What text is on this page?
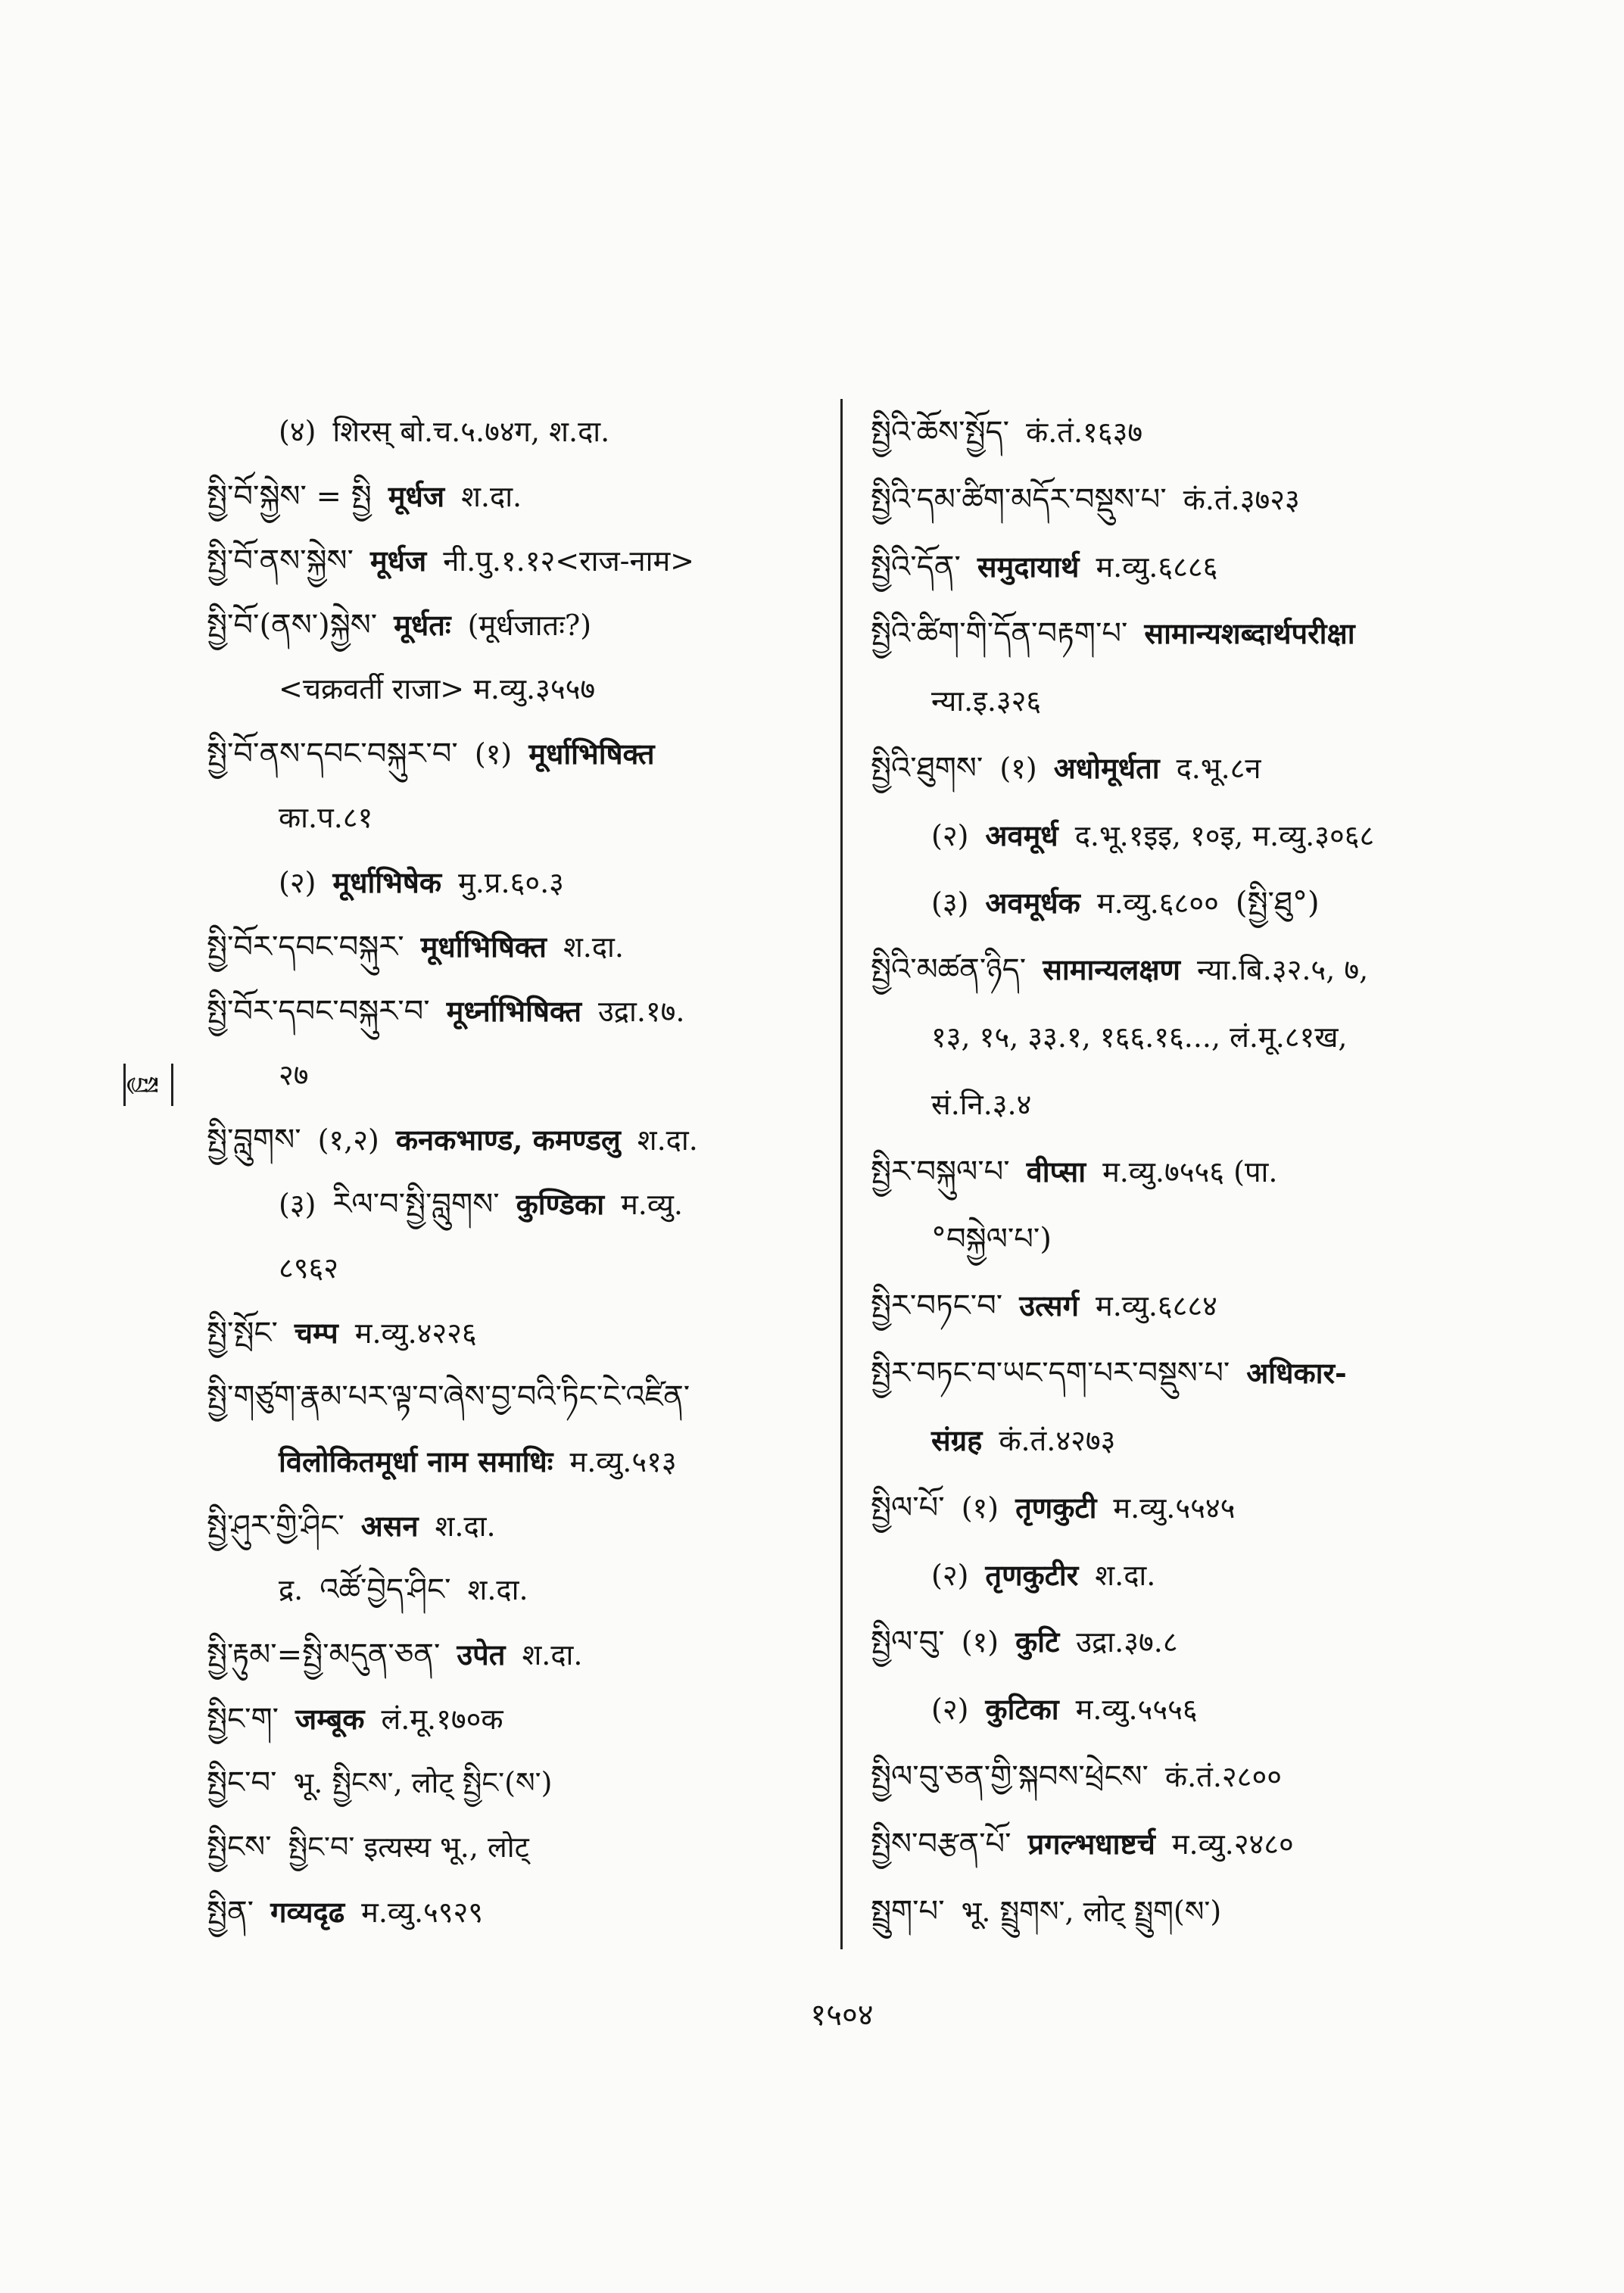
སྤྱ
(४) शिरस् बो.च.५.७४ग, श.दा.
སྤྱི་བོ་སྐྱེས་ = སྤྱི मूर्धज श.दा.
སྤྱི་བོ་ནས་སྐྱེས་ मूर्धज नी.पु.१.१२<राज-नाम>
སྤྱི་བོ་(ནས་)སྐྱེས་ मूर्धतः (मूर्धजातः?)
<चक्रवर्ती राजा> म.व्यु.३५५७
སྤྱི་བོ་ནས་དབང་བསྐུར་བ་ (१) मूर्धाभिषिक्त
का.प.८१
(२) मूर्धाभिषेक मु.प्र.६०.३
སྤྱི་བོར་དབང་བསྐུར་ मूर्धाभिषिक्त श.दा.
སྤྱི་བོར་དབང་བསྐུར་བ་ मूर्ध्नाभिषिक्त उद्रा.१७.
२७
སྤྱི་བླུགས་ (१,२) कनकभाण्ड, कमण्डलु श.दा.
(३) རིལ་བ་སྤྱི་བླུགས་ कुण्डिका म.व्यु.
८९६२
སྤྱི་སྤོང་ चम्प म.व्यु.४२२६
སྤྱི་གཙུག་རྣམ་པར་ལྟ་བ་ཞེས་བྱ་བའི་ཏིང་ངེ་འཛིན་
विलोकितमूर्धा नाम समाधिः म.व्यु.५१३
སྤྱི་ཤུར་གྱི་ཤིང་ असन श.दा.
द्र. འཚོ་བྱེད་ཤིང་ श.दा.
སྤྱི་རྟུམ་=སྤྱི་མདུན་ཅན་ उपेत श.दा.
སྤྱིང་ག་ जम्बूक लं.मू.१७०क
སྤྱིང་བ་ भू. སྤྱིངས་, लोट् སྤྱིང་(ས་)
སྤྱིངས་ སྤྱིང་བ་ इत्यस्य भू., लोट्
སྤྱིན་ गव्यदृढ म.व्यु.५९२९
སྤྱིའི་ཆོས་སྤྱོད་ कं.तं.१६३७
སྤྱིའི་དམ་ཚིག་མདོར་བསྡུས་པ་ कं.तं.३७२३
སྤྱིའི་དོན་ समुदायार्थ म.व्यु.६८८६
སྤྱིའི་ཚིག་གི་དོན་བརྟག་པ་ सामान्यशब्दार्थपरीक्षा
न्या.इ.३२६
སྤྱིའི་ཐུགས་ (१) अधोमूर्धता द.भू.८न
(२) अवमूर्ध द.भू.१इइ, १०इ, म.व्यु.३०६८
(३) अवमूर्धक म.व्यु.६८०० (སྤྱི་ཐུ°)
སྤྱིའི་མཚན་ཉིད་ सामान्यलक्षण न्या.बि.३२.५, ७,
१३, १५, ३३.१, १६६.१६..., लं.मू.८१ख,
सं.नि.३.४
སྤྱིར་བསྐུལ་པ་ वीप्सा म.व्यु.७५५६ (पा.
°བསྐྱེལ་པ་)
སྤྱིར་བཏང་བ་ उत्सर्ग म.व्यु.६८८४
སྤྱིར་བཏང་བ་ཡང་དག་པར་བསྡུས་པ་ अधिकार-
संग्रह कं.तं.४२७३
སྤྱིལ་པོ་ (१) तृणकुटी म.व्यु.५५४५
(२) तृणकुटीर श.दा.
སྤྱིལ་བུ་ (१) कुटि उद्रा.३७.८
(२) कुटिका म.व्यु.५५५६
སྤྱིལ་བུ་ཅན་གྱི་སྐབས་ཕྲེངས་ कं.तं.२८००
སྤྱིས་བརྩན་པོ་ प्रगल्भधाष्टर्च म.व्यु.२४८०
སྤྲུག་པ་ भू. སྤྲུགས་, लोट् སྤྲུག(ས་)
१५०४
